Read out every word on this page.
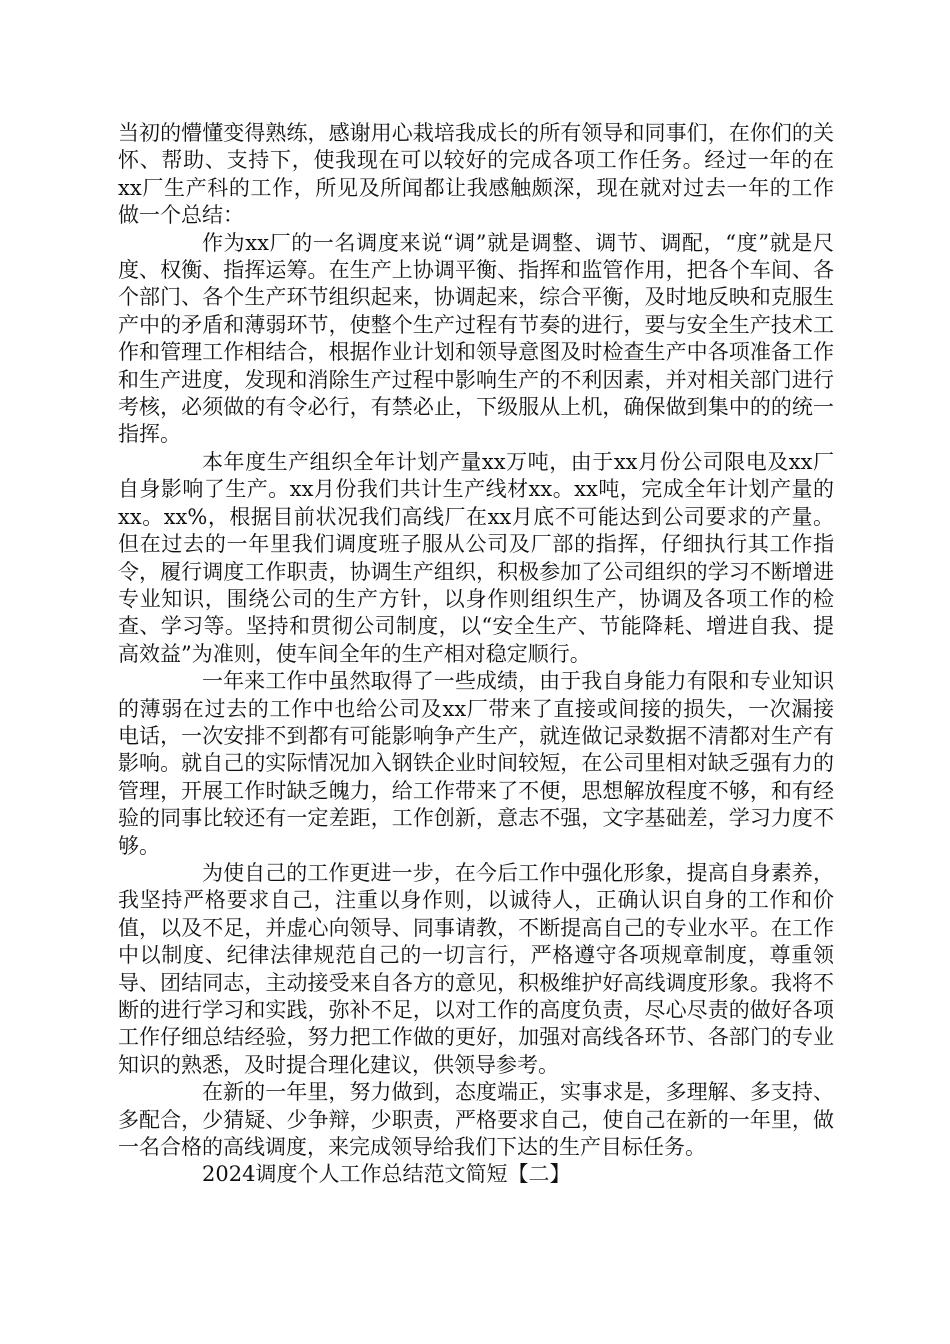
当初的懵懂变得熟练，感谢用心栽培我成长的所有领导和同事们，在你们的关怀、帮助、支持下，使我现在可以较好的完成各项工作任务。经过一年的在xx厂生产科的工作，所见及所闻都让我感触颇深，现在就对过去一年的工作做一个总结：

作为xx厂的一名调度来说“调”就是调整、调节、调配，“度”就是尺度、权衡、指挥运筹。在生产上协调平衡、指挥和监管作用，把各个车间、各个部门、各个生产环节组织起来，协调起来，综合平衡，及时地反映和克服生产中的矛盾和薄弱环节，使整个生产过程有节奏的进行，要与安全生产技术工作和管理工作相结合，根据作业计划和领导意图及时检查生产中各项准备工作和生产进度，发现和消除生产过程中影响生产的不利因素，并对相关部门进行考核，必须做的有令必行，有禁必止，下级服从上机，确保做到集中的的统一指挥。

本年度生产组织全年计划产量xx万吨，由于xx月份公司限电及xx厂自身影响了生产。xx月份我们共计生产线材xx。xx吨，完成全年计划产量的xx。xx%，根据目前状况我们高线厂在xx月底不可能达到公司要求的产量。但在过去的一年里我们调度班子服从公司及厂部的指挥，仔细执行其工作指令，履行调度工作职责，协调生产组织，积极参加了公司组织的学习不断增进专业知识，围绕公司的生产方针，以身作则组织生产，协调及各项工作的检查、学习等。坚持和贯彻公司制度，以“安全生产、节能降耗、增进自我、提高效益”为准则，使车间全年的生产相对稳定顺行。

一年来工作中虽然取得了一些成绩，由于我自身能力有限和专业知识的薄弱在过去的工作中也给公司及xx厂带来了直接或间接的损失，一次漏接电话，一次安排不到都有可能影响争产生产，就连做记录数据不清都对生产有影响。就自己的实际情况加入钢铁企业时间较短，在公司里相对缺乏强有力的管理，开展工作时缺乏魄力，给工作带来了不便，思想解放程度不够，和有经验的同事比较还有一定差距，工作创新，意志不强，文字基础差，学习力度不够。

为使自己的工作更进一步，在今后工作中强化形象，提高自身素养，我坚持严格要求自己，注重以身作则，以诚待人，正确认识自身的工作和价值，以及不足，并虚心向领导、同事请教，不断提高自己的专业水平。在工作中以制度、纪律法律规范自己的一切言行，严格遵守各项规章制度，尊重领导、团结同志，主动接受来自各方的意见，积极维护好高线调度形象。我将不断的进行学习和实践，弥补不足，以对工作的高度负责，尽心尽责的做好各项工作仔细总结经验，努力把工作做的更好，加强对高线各环节、各部门的专业知识的熟悉，及时提合理化建议，供领导参考。

在新的一年里，努力做到，态度端正，实事求是，多理解、多支持、多配合，少猜疑、少争辩，少职责，严格要求自己，使自己在新的一年里，做一名合格的高线调度，来完成领导给我们下达的生产目标任务。

2024调度个人工作总结范文简短【二】
